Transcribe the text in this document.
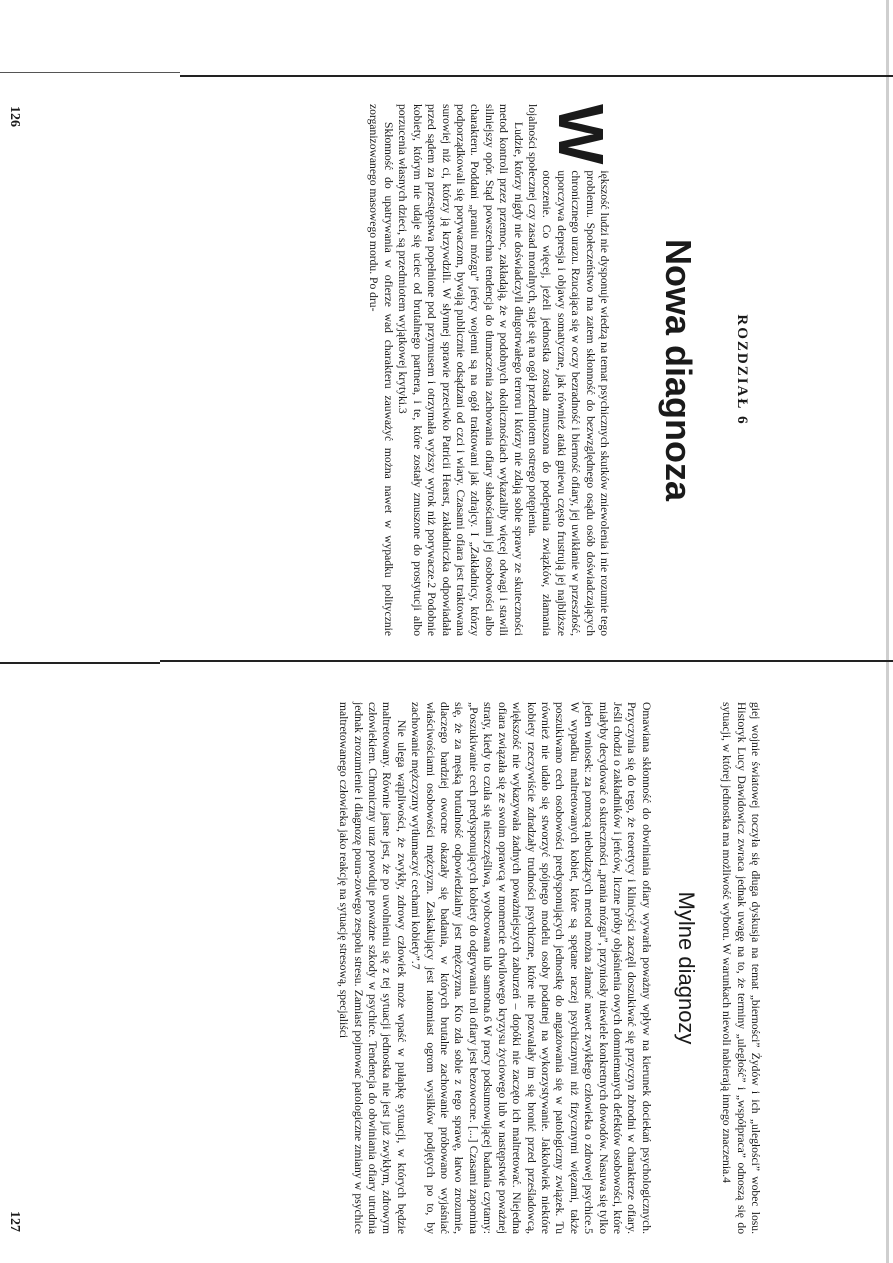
ROZDZIAŁ 6
Nowa diagnoza

Większość ludzi nie dysponuje wiedzą na temat psychicznych skutków zniewolenia i nie rozumie tego problemu. Społeczeństwo ma zatem skłonność do bezwzględnego osądu osób doświadczających chronicznego urazu. Rzucająca się w oczy bezradność i bierność ofiary, jej uwikłanie w przeszłość, uporczywa depresja i objawy somatyczne, jak również ataki gniewu często frustrują jej najbliższe otoczenie. Co więcej, jeżeli jednostka została zmuszona do podeptania związków, złamania lojalności społecznej czy zasad moralnych, staje się na ogół przedmiotem ostrego potępienia.

Ludzie, którzy nigdy nie doświadczyli długotrwałego terroru i którzy nie zdają sobie sprawy ze skuteczności metod kontroli przez przemoc, zakładają, że w podobnych okolicznościach wykazaliby więcej odwagi i stawili silniejszy opór. Stąd powszechna tendencja do tłumaczenia zachowania ofiary słabościami jej osobowości albo charakteru. Poddani „praniu mózgu” jeńcy wojenni są na ogół traktowani jak zdrajcy. I „Zakładnicy, którzy podporządkowali się porywaczom, bywają publicznie odsądzani od czci i wiary. Czasami ofiara jest traktowana surowiej niż ci, którzy ją krzywdzili. W słynnej sprawie przeciwko Patricii Hearst, zakładniczka odpowiadała przed sądem za przestępstwa popełnione pod przymusem i otrzymała wyższy wyrok niż porywacze.2 Podobnie kobiety, którym nie udaje się uciec od brutalnego partnera, i te, które zostały zmuszone do prostytucji albo porzucenia własnych dzieci, są przedmiotem wyjątkowej krytyki.3

Skłonność do upatrywania w ofierze wad charakteru zauważyć można nawet w wypadku politycznie zorganizowanego masowego mordu. Po dru-

126

giej wojnie światowej toczyła się długa dyskusja na temat „bierności” Żydów i ich „uległości” wobec losu. Historyk Lucy Dawidowicz zwraca jednak uwagę na to, że terminy „uległość” i „współpraca” odnoszą się do sytuacji, w której jednostka ma możliwość wyboru. W warunkach niewoli nabierają innego znaczenia.4

Mylne diagnozy

Omawiana skłonność do obwiniania ofiary wywarła poważny wpływ na kierunek dociekań psychologicznych. Przyczynia się do tego, że teoretycy i klinicyści zaczęli doszukiwać się przyczyn zbrodni w charakterze ofiary. Jeśli chodzi o zakładników i jeńców, liczne próby objaśnienia owych domniemanych defektów osobowości, które miałyby decydować o skuteczności „prania mózgu”, przyniosły niewiele konkretnych dowodów. Nasuwa się tylko jeden wniosek: za pomocą niebudzących metod można złamać nawet zwykłego człowieka o zdrowej psychice.5 W wypadku maltretowanych kobiet, które są spętane raczej psychicznymi niż fizycznymi więzami, także poszukiwano cech osobowości predysponujących jednostkę do angażowania się w patologiczny związek. Tu również nie udało się stworzyć spójnego modelu osoby podatnej na wykorzystywanie. Jakkolwiek niektóre kobiety rzeczywiście zdradzały trudności psychiczne, które nie pozwalały im się bronić przed prześladowcą, większość nie wykazywała żadnych poważniejszych zaburzeń – dopóki nie zaczęto ich maltretować. Niejedna ofiara związała się ze swoim oprawcą w momencie chwilowego kryzysu życiowego lub w następstwie poważnej straty, kiedy to czuła się nieszczęśliwa, wyobcowana lub samotna.6 W pracy podsumowującej badania czytamy: „Poszukiwanie cech predysponujących kobiety do odgrywania roli ofiary jest bezowocne. [...] Czasami zapomina się, że za męską brutalność odpowiedzialny jest mężczyzna. Kto zda sobie z tego sprawę, łatwo zrozumie, dlaczego bardziej owocne okazały się badania, w których brutalne zachowanie próbowano wyjaśniać właściwościami osobowości mężczyzn. Zaskakujący jest natomiast ogrom wysiłków podjętych po to, by zachowanie mężczyzny wytłumaczyć cechami kobiety”.7

Nie ulega wątpliwości, że zwykły, zdrowy człowiek może wpaść w pułapkę sytuacji, w których będzie maltretowany. Równie jasne jest, że po uwolnieniu się z tej sytuacji jednostka nie jest już zwykłym, zdrowym człowiekiem. Chroniczny uraz powoduje poważne szkody w psychice. Tendencja do obwiniania ofiary utrudnia jednak zrozumienie i diagnozę poura-zowego zespołu stresu. Zamiast pojmować patologiczne zmiany w psychice maltretowanego człowieka jako reakcję na sytuację stresową, specjaliści

127
